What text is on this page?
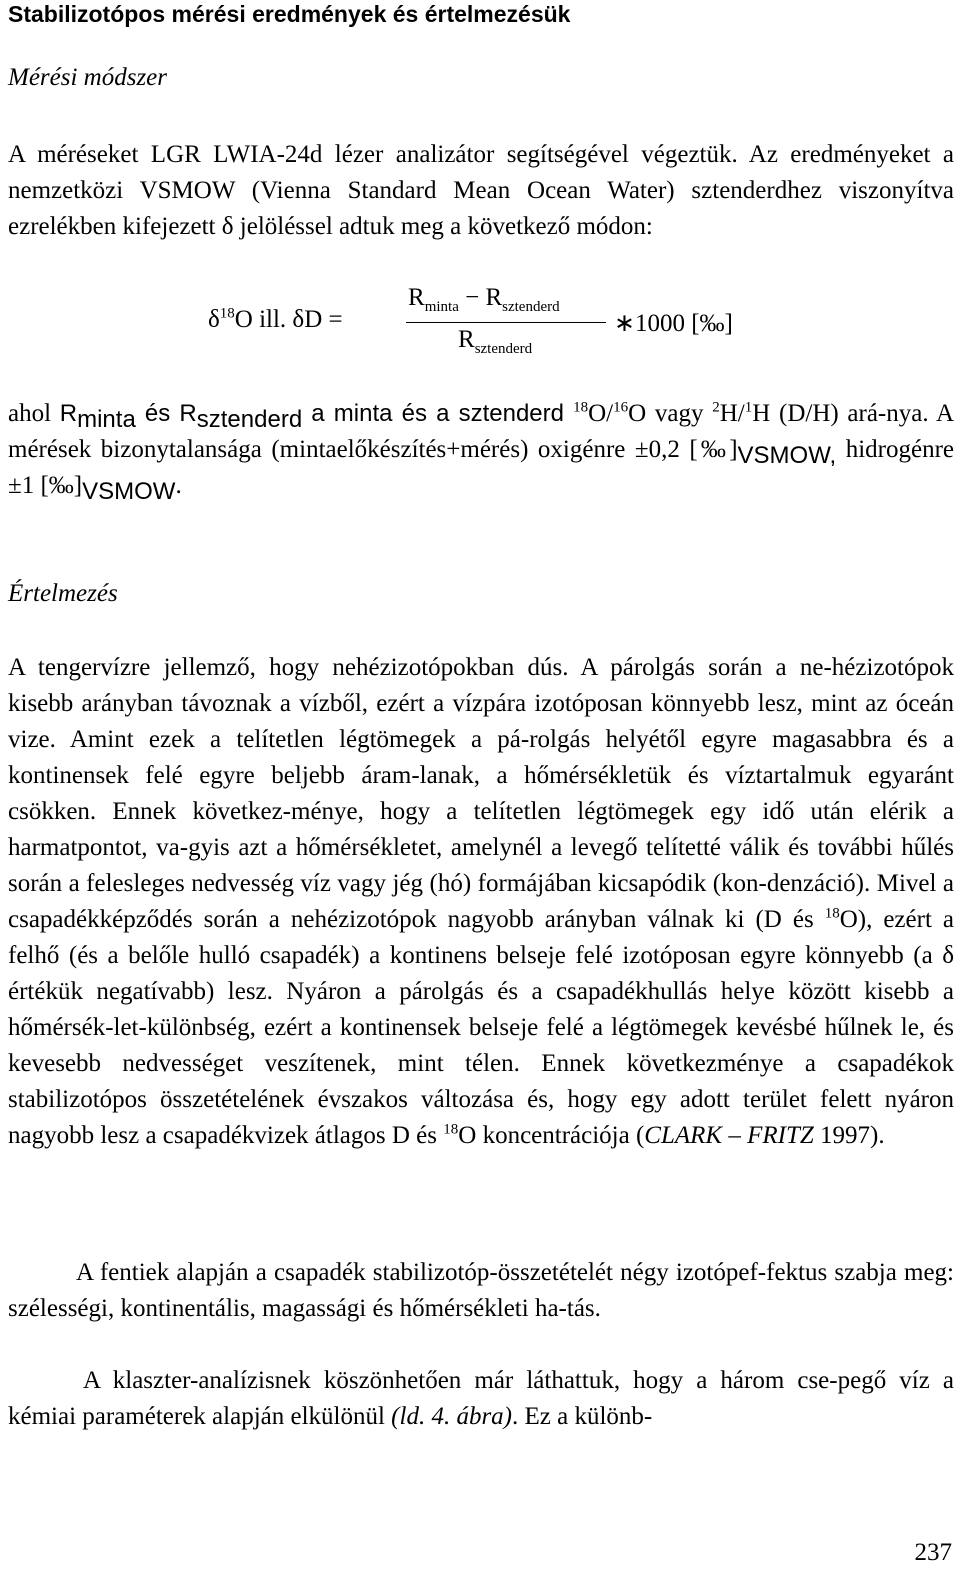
Stabilizotópos mérési eredmények és értelmezésük
Mérési módszer

A méréseket LGR LWIA-24d lézer analizátor segítségével végeztük. Az eredményeket a nemzetközi VSMOW (Vienna Standard Mean Ocean Water) sztenderdhez viszonyítva ezrelékben kifejezett δ jelöléssel adtuk meg a következő módon:

$\delta^{18}O$ ill. δD =
$R_{minta} - R_{sztenderd}$
$R_{sztenderd}$
∗1000 [‰]

ahol $R_{minta}$ és $R_{sztenderd}$ a minta és a sztenderd $^{18}$O/$^{16}$O vagy $^2$H/$^1$H (D/H) ará-nya. A mérések bizonytalansága (mintaelőkészítés+mérés) oxigénre ±0,2 $[‰]_{VSMOW,}$ hidrogénre ±1 $[‰]_{VSMOW}$.

Értelmezés

A tengervízre jellemző, hogy nehézizotópokban dús. A párolgás során a ne-hézizotópok kisebb arányban távoznak a vízből, ezért a vízpára izotóposan könnyebb lesz, mint az óceán vize. Amint ezek a telítetlen légtömegek a pá-rolgás helyétől egyre magasabbra és a kontinensek felé egyre beljebb áram-lanak, a hőmérsékletük és víztartalmuk egyaránt csökken. Ennek következ-ménye, hogy a telítetlen légtömegek egy idő után elérik a harmatpontot, va-gyis azt a hőmérsékletet, amelynél a levegő telítetté válik és további hűlés során a felesleges nedvesség víz vagy jég (hó) formájában kicsapódik (kon-denzáció). Mivel a csapadékképződés során a nehézizotópok nagyobb arányban válnak ki (D és $^{18}$O), ezért a felhő (és a belőle hulló csapadék) a kontinens belseje felé izotóposan egyre könnyebb (a δ értékük negatívabb) lesz. Nyáron a párolgás és a csapadékhullás helye között kisebb a hőmérsék-let-különbség, ezért a kontinensek belseje felé a légtömegek kevésbé hűlnek le, és kevesebb nedvességet veszítenek, mint télen. Ennek következménye a csapadékok stabilizotópos összetételének évszakos változása és, hogy egy adott terület felett nyáron nagyobb lesz a csapadékvizek átlagos D és $^{18}$O koncentrációja (CLARK – FRITZ 1997).

A fentiek alapján a csapadék stabilizotóp-összetételét négy izotópef-fektus szabja meg: szélességi, kontinentális, magassági és hőmérsékleti ha-tás.

A klaszter-analízisnek köszönhetően már láthattuk, hogy a három cse-pegő víz a kémiai paraméterek alapján elkülönül (ld. 4. ábra). Ez a különb-

237
